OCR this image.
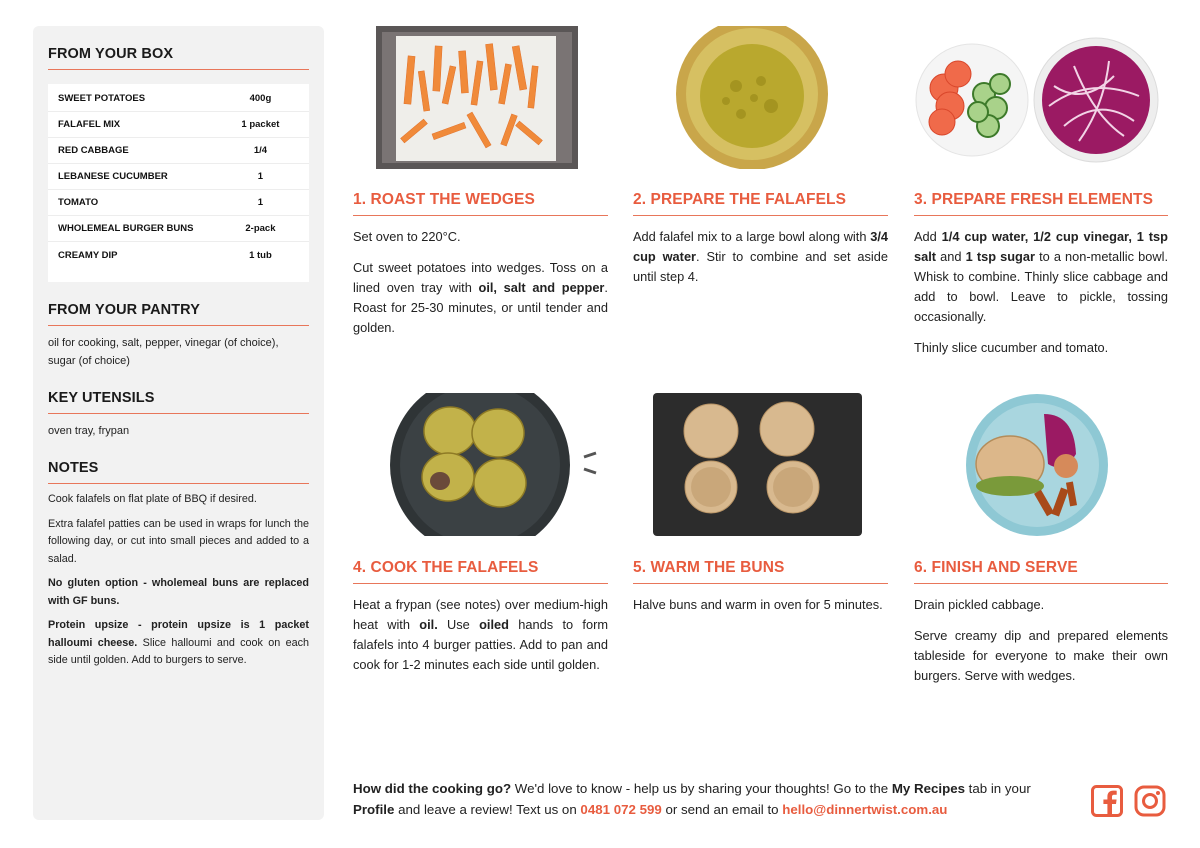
FROM YOUR BOX
SWEET POTATOES	400g
FALAFEL MIX	1 packet
RED CABBAGE	1/4
LEBANESE CUCUMBER	1
TOMATO	1
WHOLEMEAL BURGER BUNS	2-pack
CREAMY DIP	1 tub
FROM YOUR PANTRY
oil for cooking, salt, pepper, vinegar (of choice), sugar (of choice)
KEY UTENSILS
oven tray, frypan
NOTES

Cook falafels on flat plate of BBQ if desired.

Extra falafel patties can be used in wraps for lunch the following day, or cut into small pieces and added to a salad.

No gluten option - wholemeal buns are replaced with GF buns.

Protein upsize - protein upsize is 1 packet halloumi cheese. Slice halloumi and cook on each side until golden. Add to burgers to serve.

1. ROAST THE WEDGES

Set oven to 220°C.

Cut sweet potatoes into wedges. Toss on a lined oven tray with oil, salt and pepper. Roast for 25-30 minutes, or until tender and golden.

2. PREPARE THE FALAFELS

Add falafel mix to a large bowl along with 3/4 cup water. Stir to combine and set aside until step 4.

3. PREPARE FRESH ELEMENTS

Add 1/4 cup water, 1/2 cup vinegar, 1 tsp salt and 1 tsp sugar to a non-metallic bowl. Whisk to combine. Thinly slice cabbage and add to bowl. Leave to pickle, tossing occasionally.

Thinly slice cucumber and tomato.

4. COOK THE FALAFELS

Heat a frypan (see notes) over medium-high heat with oil. Use oiled hands to form falafels into 4 burger patties. Add to pan and cook for 1-2 minutes each side until golden.

5. WARM THE BUNS

Halve buns and warm in oven for 5 minutes.

6. FINISH AND SERVE

Drain pickled cabbage.

Serve creamy dip and prepared elements tableside for everyone to make their own burgers. Serve with wedges.

How did the cooking go? We'd love to know - help us by sharing your thoughts! Go to the My Recipes tab in your Profile and leave a review! Text us on 0481 072 599 or send an email to hello@dinnertwist.com.au
